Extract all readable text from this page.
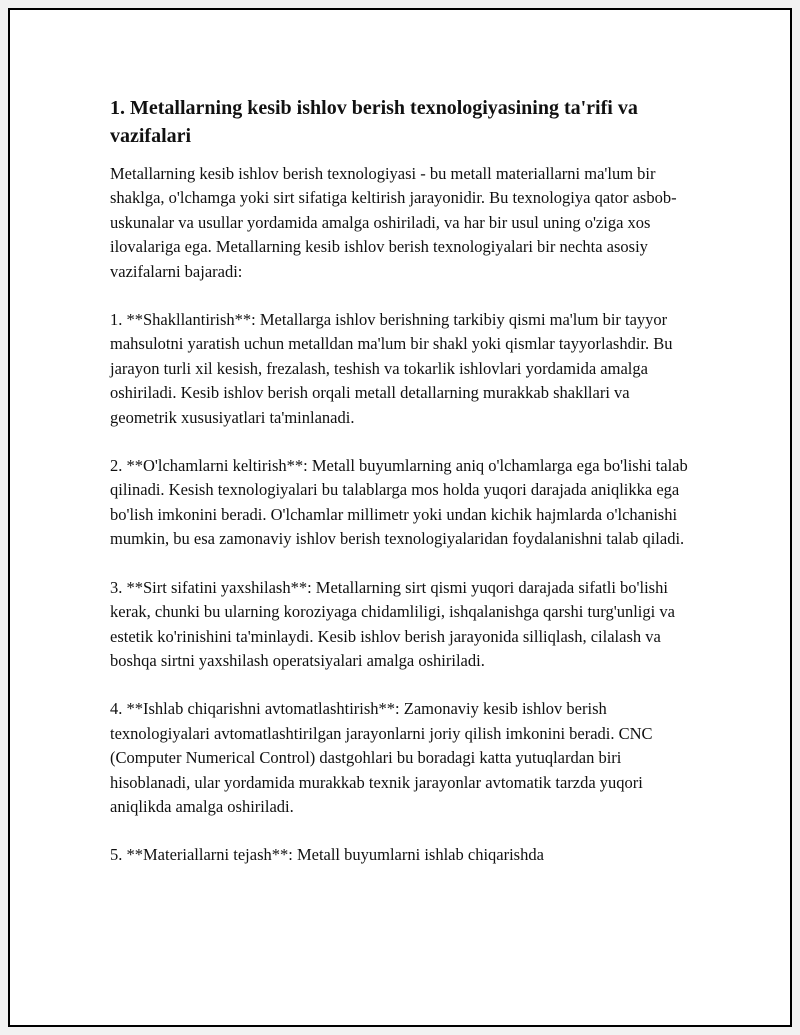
1. Metallarning kesib ishlov berish texnologiyasining ta'rifi va vazifalari

Metallarning kesib ishlov berish texnologiyasi - bu metall materiallarni ma'lum bir shaklga, o'lchamga yoki sirt sifatiga keltirish jarayonidir. Bu texnologiya qator asbob-uskunalar va usullar yordamida amalga oshiriladi, va har bir usul uning o'ziga xos ilovalariga ega. Metallarning kesib ishlov berish texnologiyalari bir nechta asosiy vazifalarni bajaradi:

1. **Shakllantirish**: Metallarga ishlov berishning tarkibiy qismi ma'lum bir tayyor mahsulotni yaratish uchun metalldan ma'lum bir shakl yoki qismlar tayyorlashdir. Bu jarayon turli xil kesish, frezalash, teshish va tokarlik ishlovlari yordamida amalga oshiriladi. Kesib ishlov berish orqali metall detallarning murakkab shakllari va geometrik xususiyatlari ta'minlanadi.

2. **O'lchamlarni keltirish**: Metall buyumlarning aniq o'lchamlarga ega bo'lishi talab qilinadi. Kesish texnologiyalari bu talablarga mos holda yuqori darajada aniqlikka ega bo'lish imkonini beradi. O'lchamlar millimetr yoki undan kichik hajmlarda o'lchanishi mumkin, bu esa zamonaviy ishlov berish texnologiyalaridan foydalanishni talab qiladi.

3. **Sirt sifatini yaxshilash**: Metallarning sirt qismi yuqori darajada sifatli bo'lishi kerak, chunki bu ularning koroziyaga chidamliligi, ishqalanishga qarshi turg'unligi va estetik ko'rinishini ta'minlaydi. Kesib ishlov berish jarayonida silliqlash, cilalash va boshqa sirtni yaxshilash operatsiyalari amalga oshiriladi.

4. **Ishlab chiqarishni avtomatlashtirish**: Zamonaviy kesib ishlov berish texnologiyalari avtomatlashtirilgan jarayonlarni joriy qilish imkonini beradi. CNC (Computer Numerical Control) dastgohlari bu boradagi katta yutuqlardan biri hisoblanadi, ular yordamida murakkab texnik jarayonlar avtomatik tarzda yuqori aniqlikda amalga oshiriladi.

5. **Materiallarni tejash**: Metall buyumlarni ishlab chiqarishda
